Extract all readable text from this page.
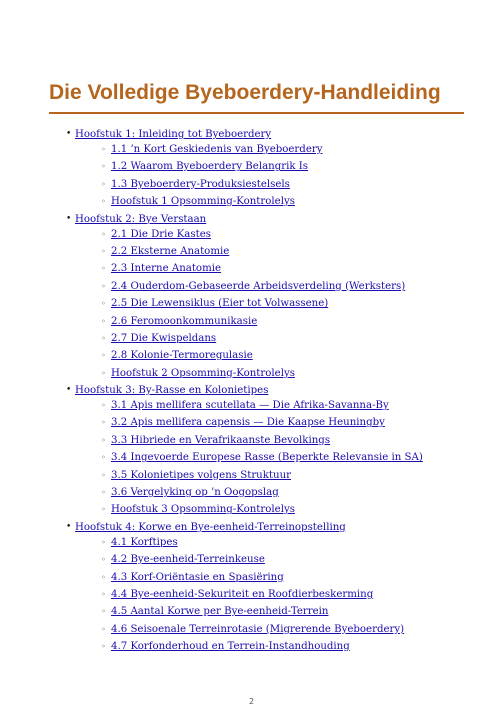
Die Volledige Byeboerdery-Handleiding
• Hoofstuk 1: Inleiding tot Byeboerdery
◦ 1.1 ’n Kort Geskiedenis van Byeboerdery
◦ 1.2 Waarom Byeboerdery Belangrik Is
◦ 1.3 Byeboerdery-Produksiestelsels
◦ Hoofstuk 1 Opsomming-Kontrolelys
• Hoofstuk 2: Bye Verstaan
◦ 2.1 Die Drie Kastes
◦ 2.2 Eksterne Anatomie
◦ 2.3 Interne Anatomie
◦ 2.4 Ouderdom-Gebaseerde Arbeidsverdeling (Werksters)
◦ 2.5 Die Lewensiklus (Eier tot Volwassene)
◦ 2.6 Feromoonkommunikasie
◦ 2.7 Die Kwispeldans
◦ 2.8 Kolonie-Termoregulasie
◦ Hoofstuk 2 Opsomming-Kontrolelys
• Hoofstuk 3: By-Rasse en Kolonietipes
◦ 3.1 Apis mellifera scutellata — Die Afrika-Savanna-By
◦ 3.2 Apis mellifera capensis — Die Kaapse Heuningby
◦ 3.3 Hibriede en Verafrikaanste Bevolkings
◦ 3.4 Ingevoerde Europese Rasse (Beperkte Relevansie in SA)
◦ 3.5 Kolonietipes volgens Struktuur
◦ 3.6 Vergelyking op ’n Oogopslag
◦ Hoofstuk 3 Opsomming-Kontrolelys
• Hoofstuk 4: Korwe en Bye-eenheid-Terreinopstelling
◦ 4.1 Korftipes
◦ 4.2 Bye-eenheid-Terreinkeuse
◦ 4.3 Korf-Oriëntasie en Spasiëring
◦ 4.4 Bye-eenheid-Sekuriteit en Roofdierbeskerming
◦ 4.5 Aantal Korwe per Bye-eenheid-Terrein
◦ 4.6 Seisoenale Terreinrotasie (Migrerende Byeboerdery)
◦ 4.7 Korfonderhoud en Terrein-Instandhouding
2
